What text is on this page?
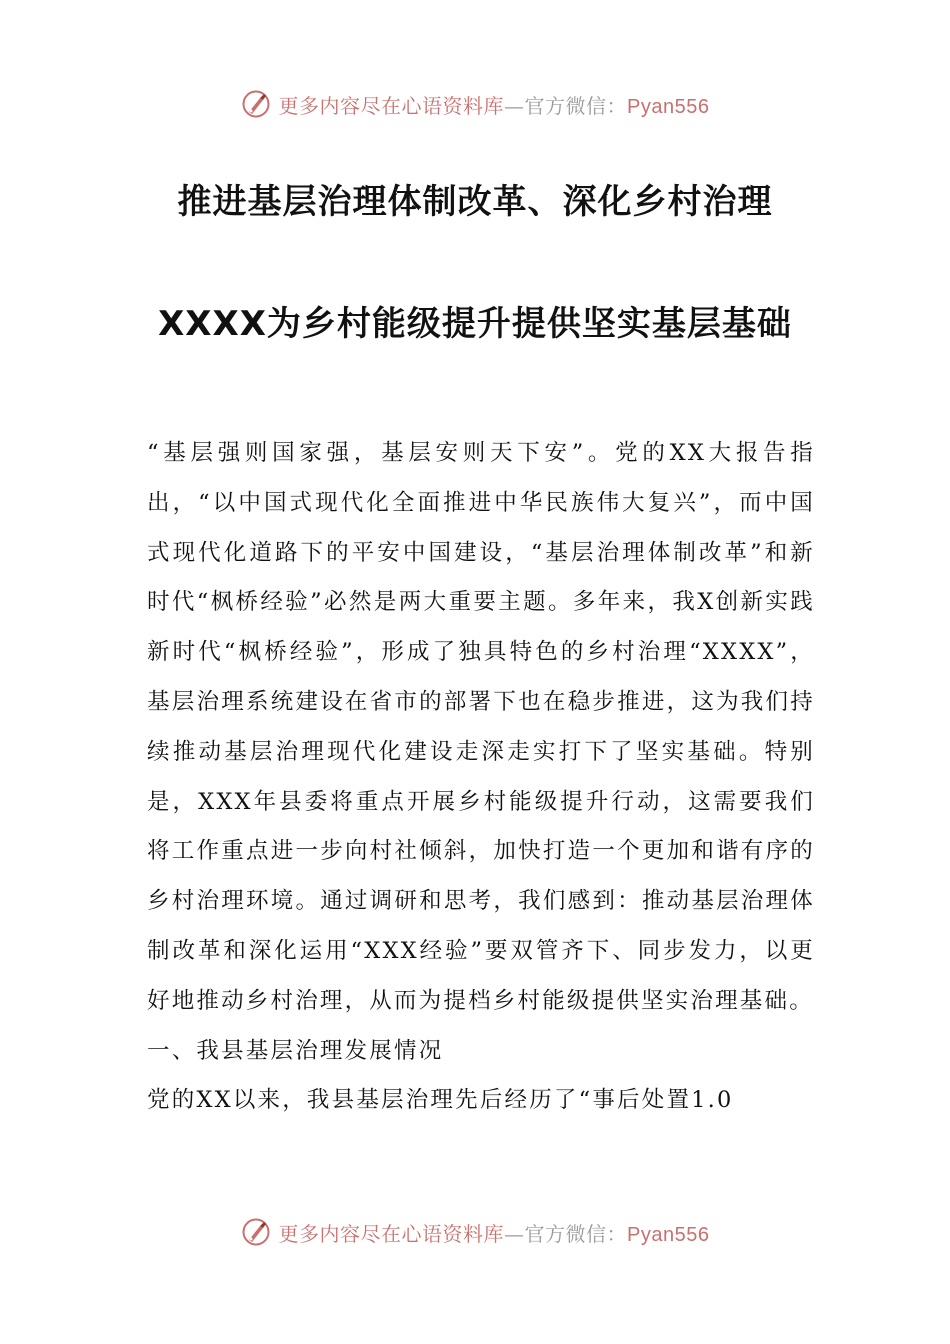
更多内容尽在心语资料库—官方微信：Pyan556
推进基层治理体制改革、深化乡村治理
XXXX为乡村能级提升提供坚实基层基础

“基层强则国家强，基层安则天下安”。党的XX大报告指出，“以中国式现代化全面推进中华民族伟大复兴”，而中国式现代化道路下的平安中国建设，“基层治理体制改革”和新时代“枫桥经验”必然是两大重要主题。多年来，我X创新实践新时代“枫桥经验”，形成了独具特色的乡村治理“XXXX”，基层治理系统建设在省市的部署下也在稳步推进，这为我们持续推动基层治理现代化建设走深走实打下了坚实基础。特别是，XXX年县委将重点开展乡村能级提升行动，这需要我们将工作重点进一步向村社倾斜，加快打造一个更加和谐有序的乡村治理环境。通过调研和思考，我们感到：推动基层治理体制改革和深化运用“XXX经验”要双管齐下、同步发力，以更好地推动乡村治理，从而为提档乡村能级提供坚实治理基础。

一、我县基层治理发展情况

党的XX以来，我县基层治理先后经历了“事后处置1.0

更多内容尽在心语资料库—官方微信：Pyan556
